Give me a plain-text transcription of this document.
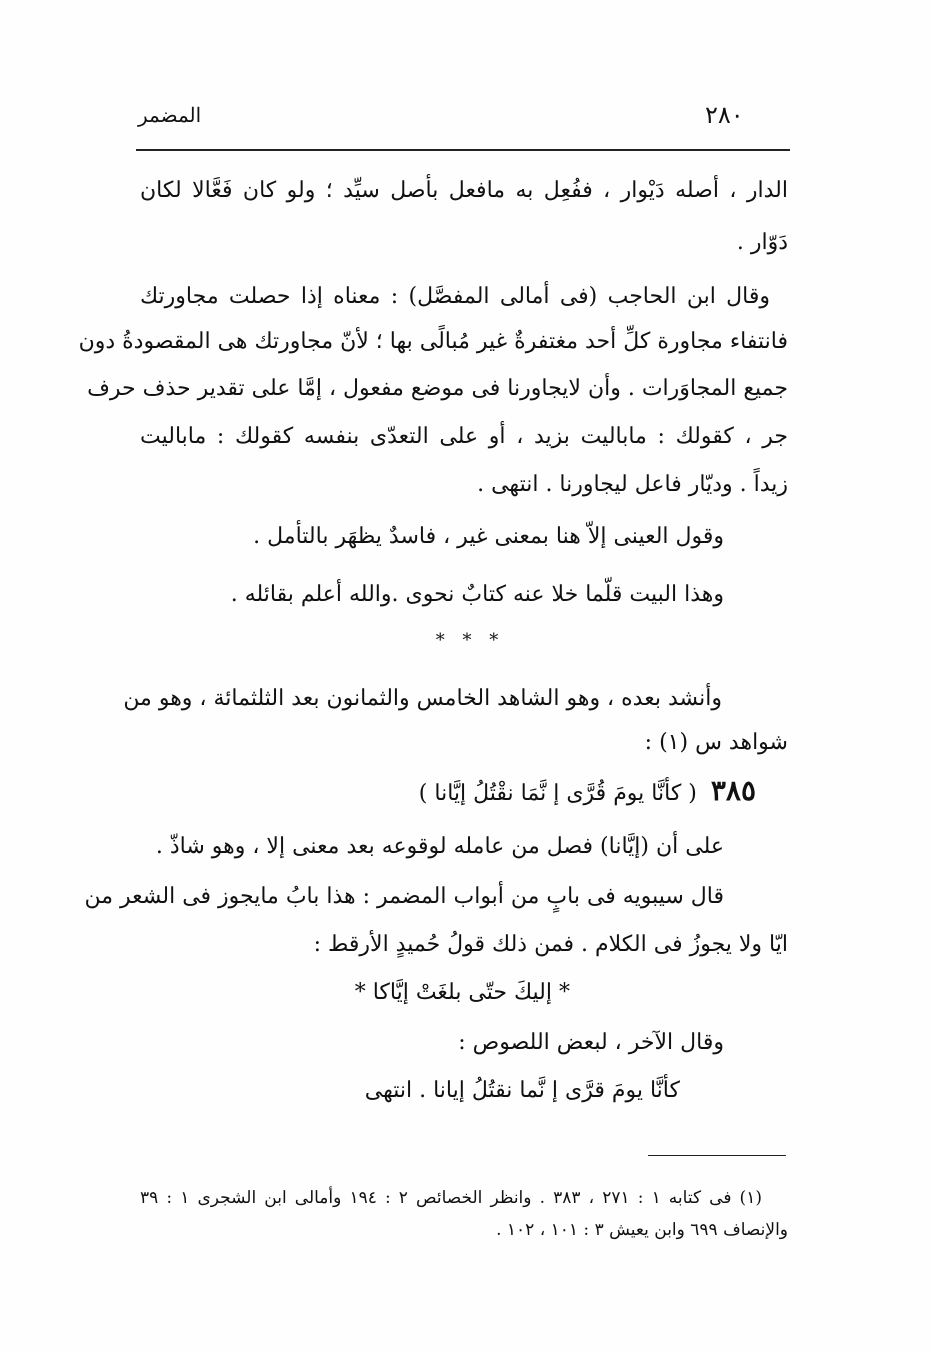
٢٨٠
المضمر
الدار ، أصله دَيْوار ، ففُعِل به مافعل بأصل سيِّد ؛ ولو كان فَعَّالا لكان
دَوّار .
وقال ابن الحاجب (فى أمالى المفصَّل) : معناه إذا حصلت مجاورتك
فانتفاء مجاورة كلِّ أحد مغتفرةٌ غير مُبالًى بها ؛ لأنّ مجاورتك هى المقصودةُ دون
جميع المجاوَرات . وأن لايجاورنا فى موضع مفعول ، إمَّا على تقدير حذف حرف
جر ، كقولك : مابالیت بزيد ، أو على التعدّى بنفسه كقولك : مابالیت
زيداً . وديّار فاعل ليجاورنا . انتهى .
وقول العينى إلاّ هنا بمعنى غير ، فاسدٌ يظهَر بالتأمل .
وهذا البيت قلّما خلا عنه كتابٌ نحوى .والله أعلم بقائله .
* * *
وأنشد بعده ، وهو الشاهد الخامس والثمانون بعد الثلثمائة ، وهو من
شواهد س (١) :
٣٨٥( كأنَّا يومَ قُرَّى إ نَّمَا نقْتُلُ إيَّانا )
على أن (إيَّانا) فصل من عامله لوقوعه بعد معنى إلا ، وهو شاذّ .
قال سيبويه فى بابٍ من أبواب المضمر : هذا بابُ مايجوز فى الشعر من
ايّا ولا يجوزُ فى الكلام . فمن ذلك قولُ حُميدٍ الأرقط :
* إليكَ حتّى بلغَتْ إيَّاكا *
وقال الآخر ، لبعض اللصوص :
كأنَّا يومَ قرَّى إ نَّما نقتُلُ إيانا . انتهى
(١) فى كتابه ١ : ٢٧١ ، ٣٨٣ . وانظر الخصائص ٢ : ١٩٤ وأمالى ابن الشجرى ١ : ٣٩
والإنصاف ٦٩٩ وابن يعيش ٣ : ١٠١ ، ١٠٢ .
